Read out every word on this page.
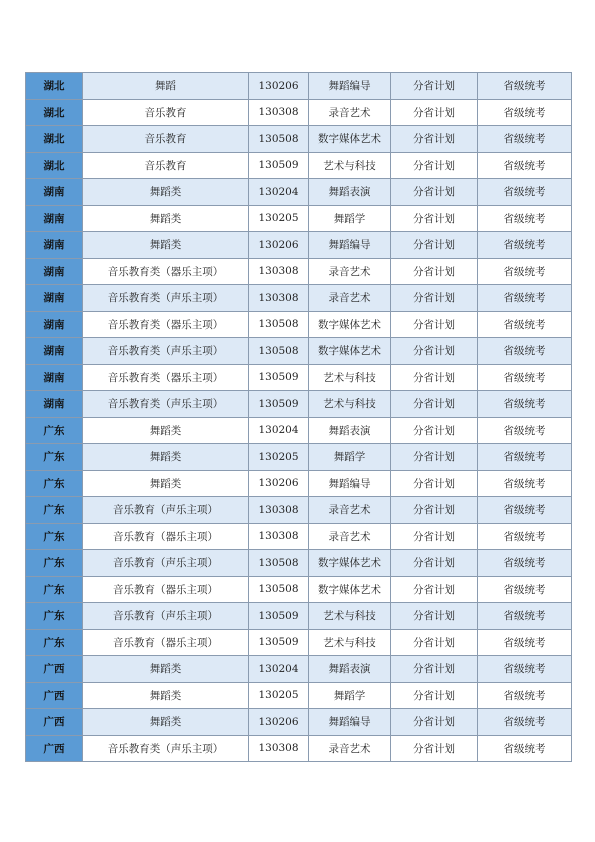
湖北	舞蹈	130206	舞蹈编导	分省计划	省级统考
湖北	音乐教育	130308	录音艺术	分省计划	省级统考
湖北	音乐教育	130508	数字媒体艺术	分省计划	省级统考
湖北	音乐教育	130509	艺术与科技	分省计划	省级统考
湖南	舞蹈类	130204	舞蹈表演	分省计划	省级统考
湖南	舞蹈类	130205	舞蹈学	分省计划	省级统考
湖南	舞蹈类	130206	舞蹈编导	分省计划	省级统考
湖南	音乐教育类（器乐主项）	130308	录音艺术	分省计划	省级统考
湖南	音乐教育类（声乐主项）	130308	录音艺术	分省计划	省级统考
湖南	音乐教育类（器乐主项）	130508	数字媒体艺术	分省计划	省级统考
湖南	音乐教育类（声乐主项）	130508	数字媒体艺术	分省计划	省级统考
湖南	音乐教育类（器乐主项）	130509	艺术与科技	分省计划	省级统考
湖南	音乐教育类（声乐主项）	130509	艺术与科技	分省计划	省级统考
广东	舞蹈类	130204	舞蹈表演	分省计划	省级统考
广东	舞蹈类	130205	舞蹈学	分省计划	省级统考
广东	舞蹈类	130206	舞蹈编导	分省计划	省级统考
广东	音乐教育（声乐主项）	130308	录音艺术	分省计划	省级统考
广东	音乐教育（器乐主项）	130308	录音艺术	分省计划	省级统考
广东	音乐教育（声乐主项）	130508	数字媒体艺术	分省计划	省级统考
广东	音乐教育（器乐主项）	130508	数字媒体艺术	分省计划	省级统考
广东	音乐教育（声乐主项）	130509	艺术与科技	分省计划	省级统考
广东	音乐教育（器乐主项）	130509	艺术与科技	分省计划	省级统考
广西	舞蹈类	130204	舞蹈表演	分省计划	省级统考
广西	舞蹈类	130205	舞蹈学	分省计划	省级统考
广西	舞蹈类	130206	舞蹈编导	分省计划	省级统考
广西	音乐教育类（声乐主项）	130308	录音艺术	分省计划	省级统考
